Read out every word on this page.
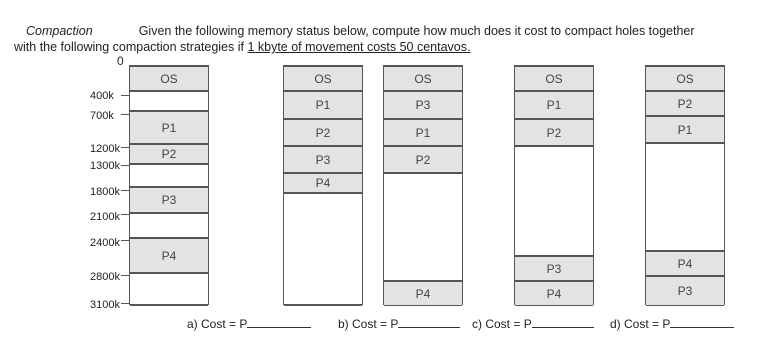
Compaction	Given the following memory status below, compute how much does it cost to compact holes together
with the following compaction strategies if 1 kbyte of movement costs 50 centavos.
0
400k
700k
1200k
1300k
1800k
2100k
2400k
2800k
3100k
OS
P1
P2
P3
P4
OS
P1
P2
P3
P4
OS
P3
P1
P2
P4
OS
P1
P2
P3
P4
OS
P2
P1
P4
P3
a) Cost = P	b) Cost = P	c) Cost = P	d) Cost = P
